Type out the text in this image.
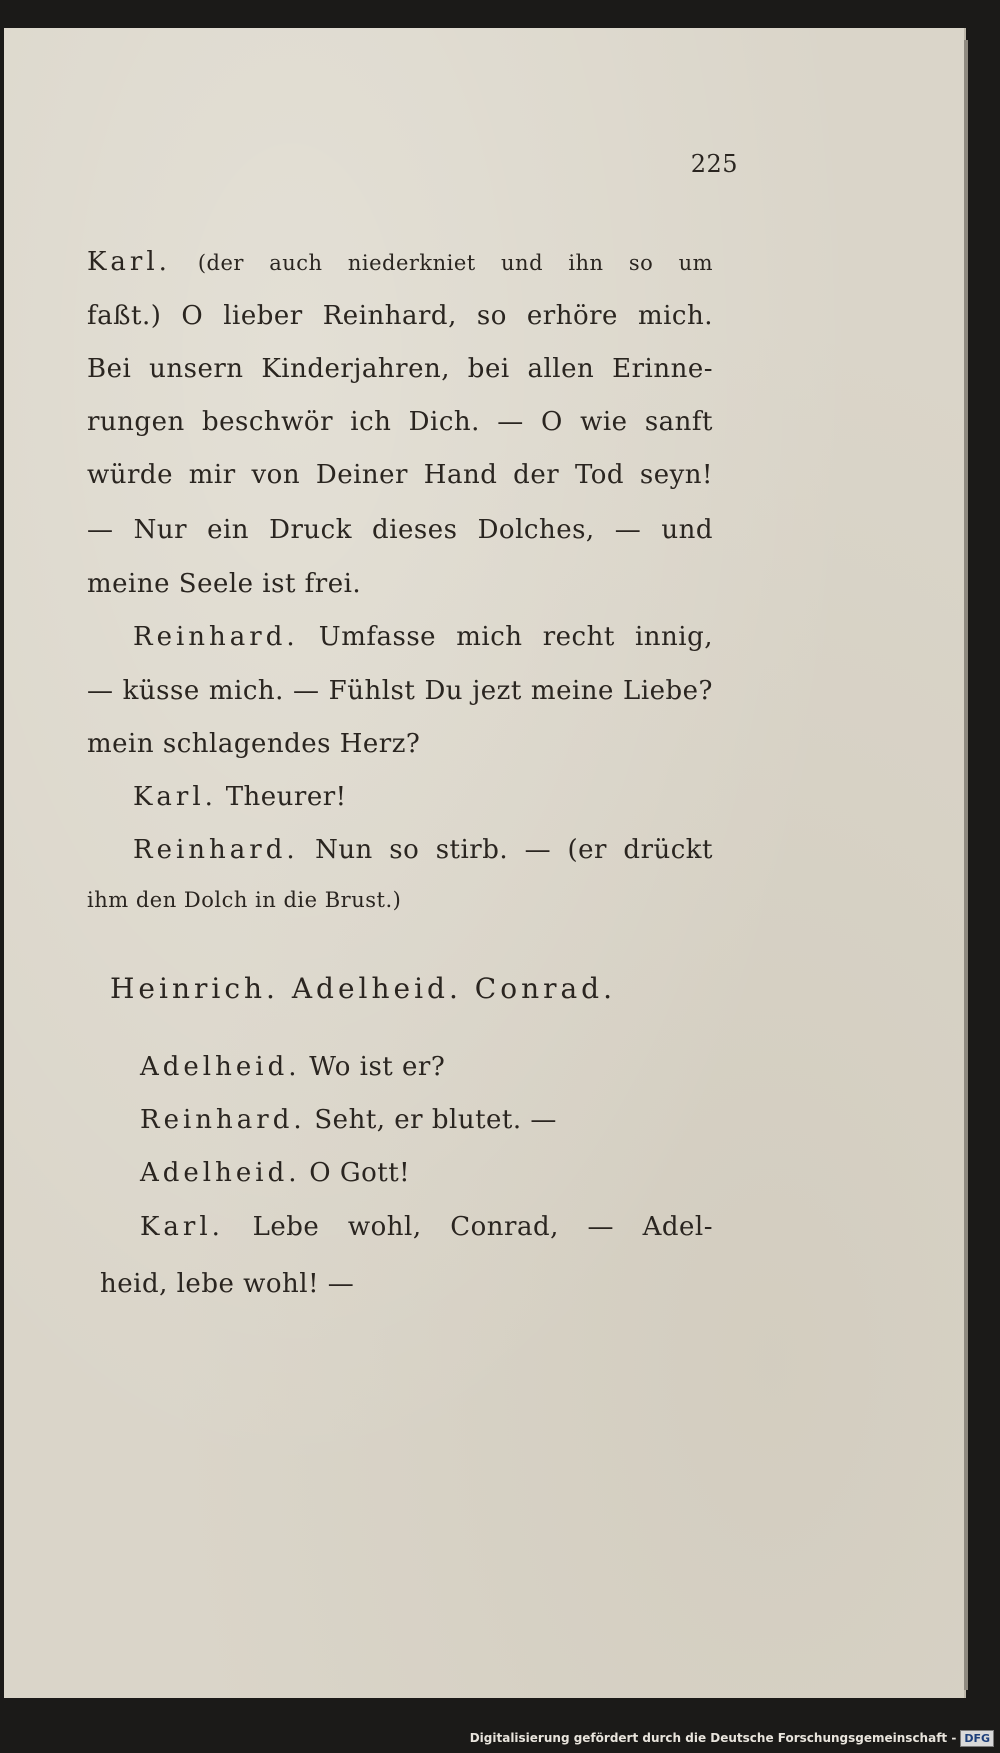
225
Karl. (der auch niederkniet und ihn so um
faßt.) O lieber Reinhard, so erhöre mich.
Bei unsern Kinderjahren, bei allen Erinne-
rungen beschwör ich Dich. — O wie sanft
würde mir von Deiner Hand der Tod seyn!
— Nur ein Druck dieses Dolches, — und
meine Seele ist frei.
Reinhard. Umfasse mich recht innig,
— küsse mich. — Fühlst Du jezt meine Liebe?
mein schlagendes Herz?
Karl. Theurer!
Reinhard. Nun so stirb. — (er drückt
ihm den Dolch in die Brust.)
Heinrich. Adelheid. Conrad.
Adelheid. Wo ist er?
Reinhard. Seht, er blutet. —
Adelheid. O Gott!
Karl. Lebe wohl, Conrad, — Adel-
heid, lebe wohl! —
Digitalisierung gefördert durch die Deutsche Forschungsgemeinschaft - DFG
